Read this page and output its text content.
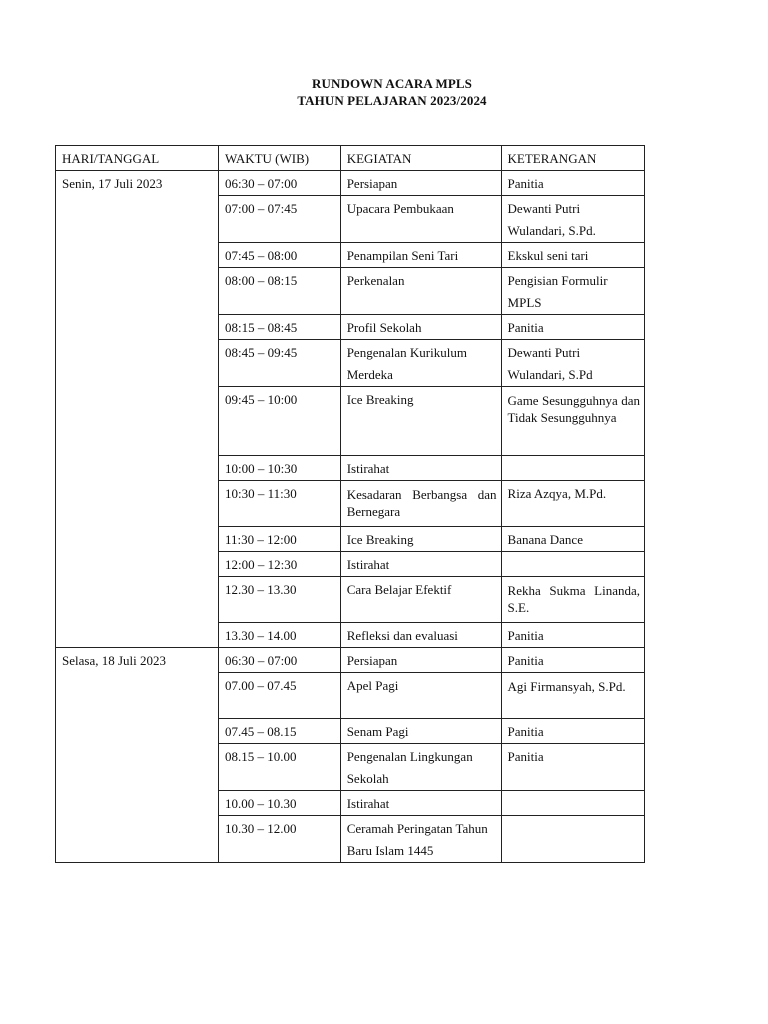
RUNDOWN ACARA MPLS
TAHUN PELAJARAN 2023/2024
HARI/TANGGAL	WAKTU (WIB)	KEGIATAN	KETERANGAN
Senin, 17 Juli 2023	06:30 – 07:00	Persiapan	Panitia
	07:00 – 07:45	Upacara Pembukaan	Dewanti Putri Wulandari, S.Pd.
	07:45 – 08:00	Penampilan Seni Tari	Ekskul seni tari
	08:00 – 08:15	Perkenalan	Pengisian Formulir MPLS
	08:15 – 08:45	Profil Sekolah	Panitia
	08:45 – 09:45	Pengenalan Kurikulum Merdeka	Dewanti Putri Wulandari, S.Pd
	09:45 – 10:00	Ice Breaking	Game Sesungguhnya dan Tidak Sesungguhnya
	10:00 – 10:30	Istirahat	
	10:30 – 11:30	Kesadaran Berbangsa dan Bernegara	Riza Azqya, M.Pd.
	11:30 – 12:00	Ice Breaking	Banana Dance
	12:00 – 12:30	Istirahat	
	12.30 – 13.30	Cara Belajar Efektif	Rekha Sukma Linanda, S.E.
	13.30 – 14.00	Refleksi dan evaluasi	Panitia
Selasa, 18 Juli 2023	06:30 – 07:00	Persiapan	Panitia
	07.00 – 07.45	Apel Pagi	Agi Firmansyah, S.Pd.
	07.45 – 08.15	Senam Pagi	Panitia
	08.15 – 10.00	Pengenalan Lingkungan Sekolah	Panitia
	10.00 – 10.30	Istirahat	
	10.30 – 12.00	Ceramah Peringatan Tahun Baru Islam 1445	
